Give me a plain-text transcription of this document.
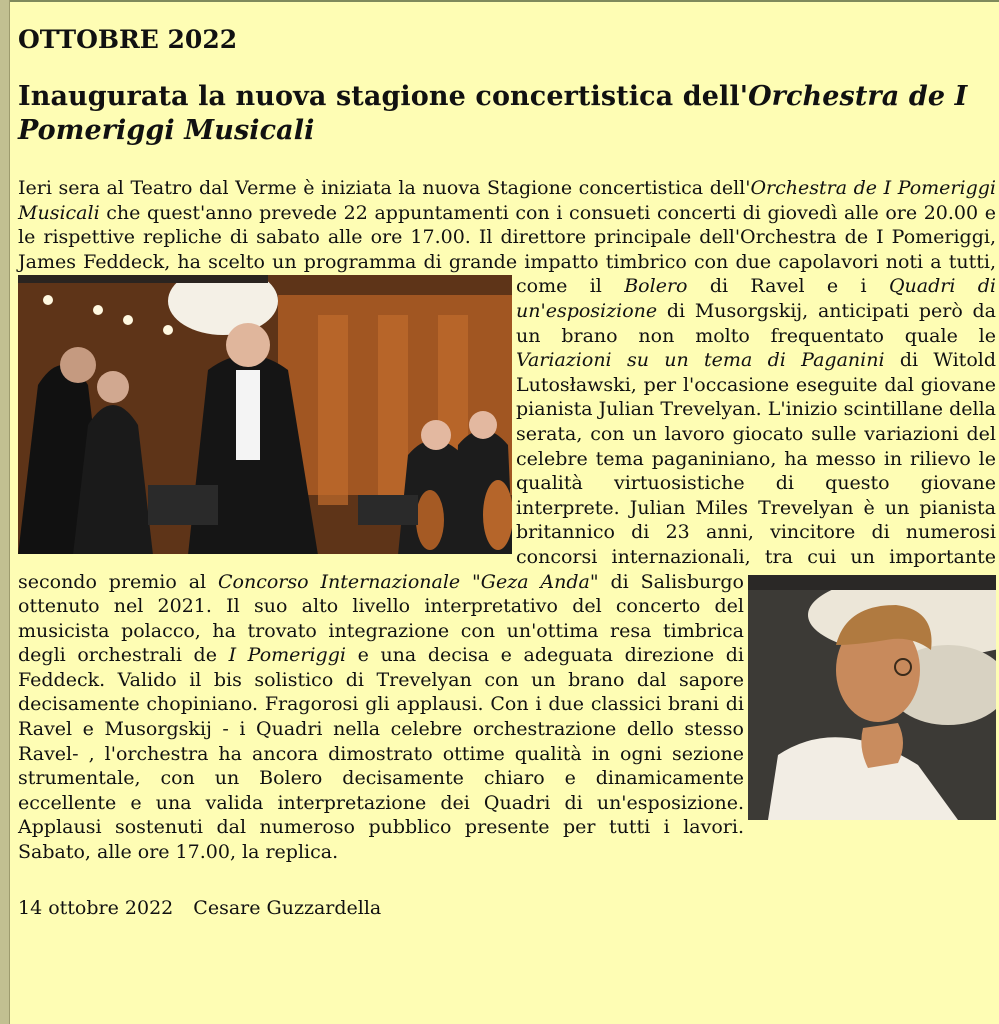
OTTOBRE 2022
Inaugurata la nuova stagione concertistica dell'Orchestra de I Pomeriggi Musicali
Ieri sera al Teatro dal Verme è iniziata la nuova Stagione concertistica dell'Orchestra de I Pomeriggi Musicali che quest'anno prevede 22 appuntamenti con i consueti concerti di giovedì alle ore 20.00 e le rispettive repliche di sabato alle ore 17.00. Il direttore principale dell'Orchestra de I Pomeriggi, James Feddeck, ha scelto un programma di grande impatto timbrico con due capolavori noti a tutti, come il
Bolero di Ravel e i Quadri di un'esposizione di Musorgskij, anticipati però da un brano non molto frequentato quale le Variazioni su un tema di Paganini di Witold Lutosławski, per l'occasione eseguite dal giovane pianista Julian Trevelyan. L'inizio scintillane della serata, con un lavoro giocato sulle variazioni del celebre tema paganiniano, ha messo in rilievo le qualità virtuosistiche di questo giovane interprete. Julian Miles Trevelyan è un pianista britannico di 23 anni, vincitore di numerosi concorsi internazionali, tra cui un importante secondo premio al Concorso Internazionale "Geza Anda"
di Salisburgo ottenuto nel 2021. Il suo alto livello interpretativo del concerto del musicista polacco, ha trovato integrazione con un'ottima resa timbrica degli orchestrali de I Pomeriggi e una decisa e adeguata direzione di Feddeck. Valido il bis solistico di Trevelyan con un brano dal sapore decisamente chopiniano. Fragorosi gli applausi. Con i due classici brani di Ravel e Musorgskij - i Quadri nella celebre orchestrazione dello stesso Ravel- , l'orchestra ha ancora dimostrato ottime qualità in ogni sezione strumentale, con un Bolero decisamente chiaro e dinamicamente eccellente e una valida interpretazione dei Quadri di un'esposizione. Applausi sostenuti dal numeroso pubblico presente per tutti i lavori. Sabato, alle ore 17.00, la replica.
14 ottobre 2022 Cesare Guzzardella
